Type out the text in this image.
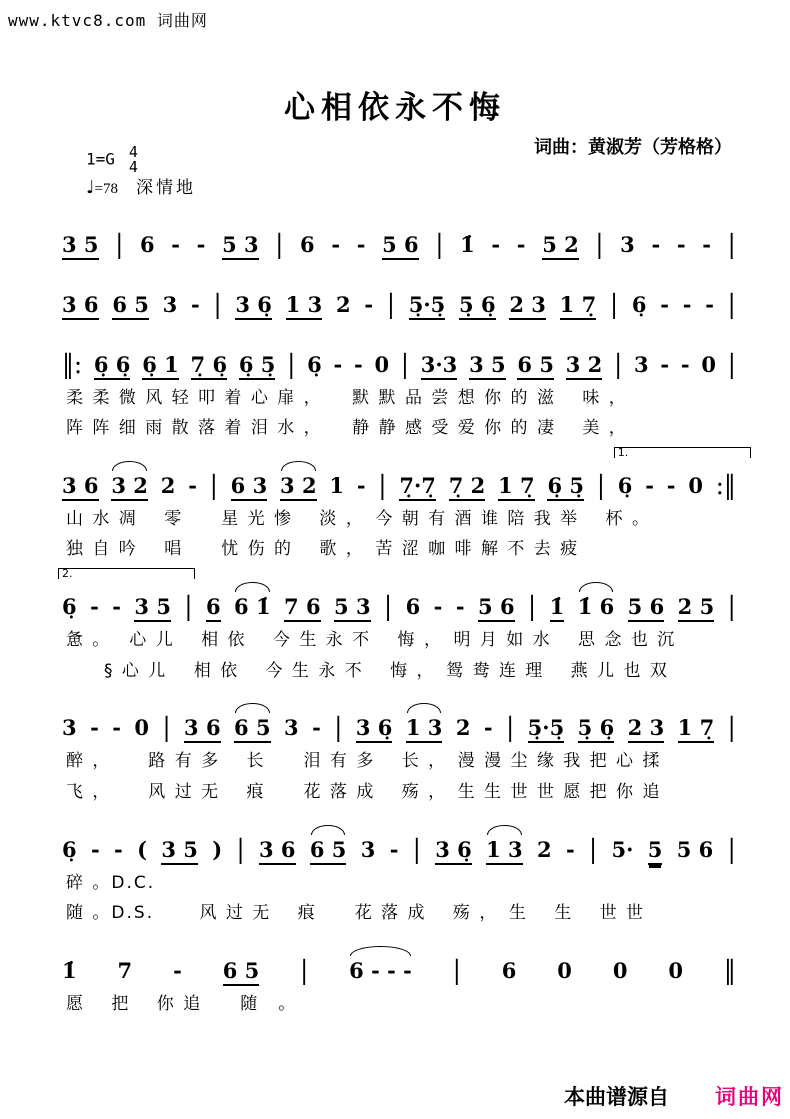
www.ktvc8.com 词曲网
心相依永不悔
词曲：黄淑芳（芳格格）
1=G 4
4
♩=78 深情地
3 5 | 6 - - 5 3 | 6 - - 5 6 | 1̇ - - 5 2 | 3 - - - |
3 6 6 5 3 - | 3 6̣ 1 3 2 - | 5̣·5̣ 5̣ 6̣ 2 3 1 7̣ | 6̣ - - - |
‖: 6̣ 6̣ 6̣ 1 7̣ 6̣ 6̣ 5̣ | 6̣ - - 0 | 3·3 3 5 6 5 3 2 | 3 - - 0 |
柔 柔 微 风 轻 叩 着 心 扉 ，　　默 默 品 尝 想 你 的 滋　 味 ，
阵 阵 细 雨 散 落 着 泪 水 ，　　静 静 感 受 爱 你 的 凄　 美 ，
3 6 3 2 2 - | 6 3 3 2 1 - | 7̣·7̣ 7̣ 2 1 7̣ 6̣ 5̣ |
1.
6̣ - - 0 :‖
山 水 凋　 零　　星 光 惨　 淡 ，　今 朝 有 酒 谁 陪 我 举　 杯 。
独 自 吟　 唱　　忧 伤 的　 歌 ，　苦 涩 咖 啡 解 不 去 疲
2.
6̣ - - 3 5 | 6 6 1̇ 7 6 5 3 | 6 - - 5 6 | 1̇ 1̇ 6 5 6 2 5 |
惫 。　 心 儿　 相 依　 今 生 永 不　 悔 ，　明 月 如 水　 思 念 也 沉
　　§ 心 儿　 相 依　 今 生 永 不　 悔 ，　鸳 鸯 连 理　 燕 儿 也 双
3 - - 0 | 3 6 6 5 3 - | 3 6̣ 1 3 2 - | 5̣·5̣ 5̣ 6̣ 2 3 1 7̣ |
醉 ，　　 路 有 多　 长　　泪 有 多　 长 ，　漫 漫 尘 缘 我 把 心 揉
飞 ，　　 风 过 无　 痕　　花 落 成　 殇 ，　生 生 世 世 愿 把 你 追
6̣ - - ( 3 5 ) | 3 6 6 5 3 - | 3 6̣ 1 3 2 - | 5· 5 5 6 |
碎 。D.C.
随 。D.S.　　 风 过 无　 痕　　花 落 成　 殇 ，　生　 生　 世 世
1̇ 7 - 6 5 | 6 - - - | 6 0 0 0 ‖
愿　 把　 你 追　　随　。
本曲谱源自 词曲网
